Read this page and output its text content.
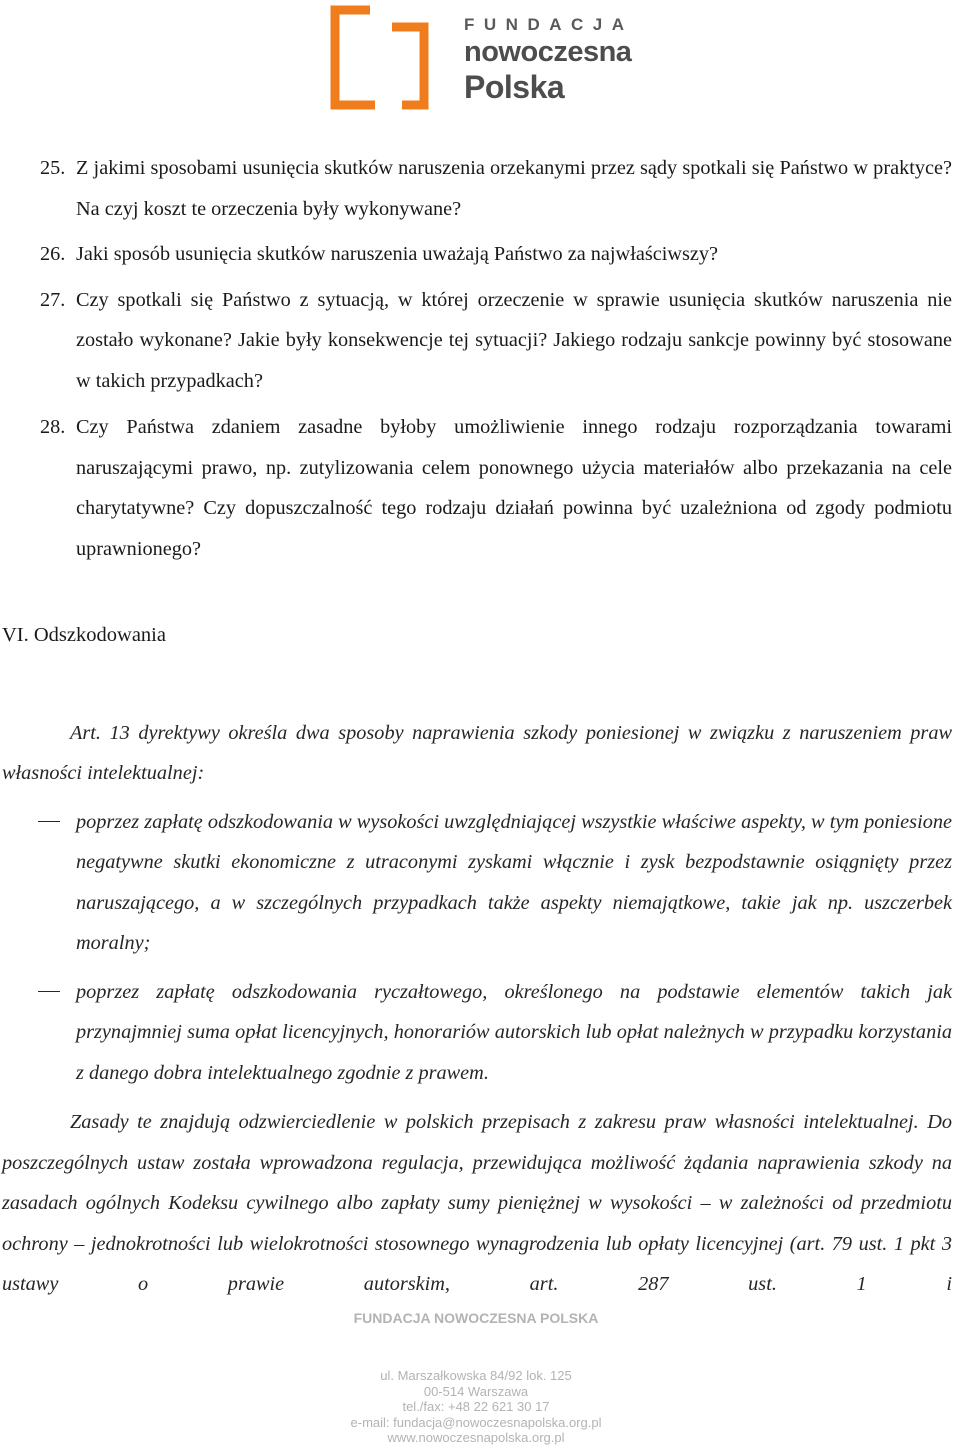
FUNDACJA
nowoczesna
Polska

25. Z jakimi sposobami usunięcia skutków naruszenia orzekanymi przez sądy spotkali się Państwo w praktyce? Na czyj koszt te orzeczenia były wykonywane?

26. Jaki sposób usunięcia skutków naruszenia uważają Państwo za najwłaściwszy?

27. Czy spotkali się Państwo z sytuacją, w której orzeczenie w sprawie usunięcia skutków naruszenia nie zostało wykonane? Jakie były konsekwencje tej sytuacji? Jakiego rodzaju sankcje powinny być stosowane w takich przypadkach?

28. Czy Państwa zdaniem zasadne byłoby umożliwienie innego rodzaju rozporządzania towarami naruszającymi prawo, np. zutylizowania celem ponownego użycia materiałów albo przekazania na cele charytatywne? Czy dopuszczalność tego rodzaju działań powinna być uzależniona od zgody podmiotu uprawnionego?

VI. Odszkodowania

Art. 13 dyrektywy określa dwa sposoby naprawienia szkody poniesionej w związku z naruszeniem praw własności intelektualnej:

poprzez zapłatę odszkodowania w wysokości uwzględniającej wszystkie właściwe aspekty, w tym poniesione negatywne skutki ekonomiczne z utraconymi zyskami włącznie i zysk bezpodstawnie osiągnięty przez naruszającego, a w szczególnych przypadkach także aspekty niemajątkowe, takie jak np. uszczerbek moralny;

poprzez zapłatę odszkodowania ryczałtowego, określonego na podstawie elementów takich jak przynajmniej suma opłat licencyjnych, honorariów autorskich lub opłat należnych w przypadku korzystania z danego dobra intelektualnego zgodnie z prawem.

Zasady te znajdują odzwierciedlenie w polskich przepisach z zakresu praw własności intelektualnej. Do poszczególnych ustaw została wprowadzona regulacja, przewidująca możliwość żądania naprawienia szkody na zasadach ogólnych Kodeksu cywilnego albo zapłaty sumy pieniężnej w wysokości – w zależności od przedmiotu ochrony – jednokrotności lub wielokrotności stosownego wynagrodzenia lub opłaty licencyjnej (art. 79 ust. 1 pkt 3 ustawy o prawie autorskim, art. 287 ust. 1 i

FUNDACJA NOWOCZESNA POLSKA
ul. Marszałkowska 84/92 lok. 125
00-514 Warszawa
tel./fax: +48 22 621 30 17
e-mail: fundacja@nowoczesnapolska.org.pl
www.nowoczesnapolska.org.pl
